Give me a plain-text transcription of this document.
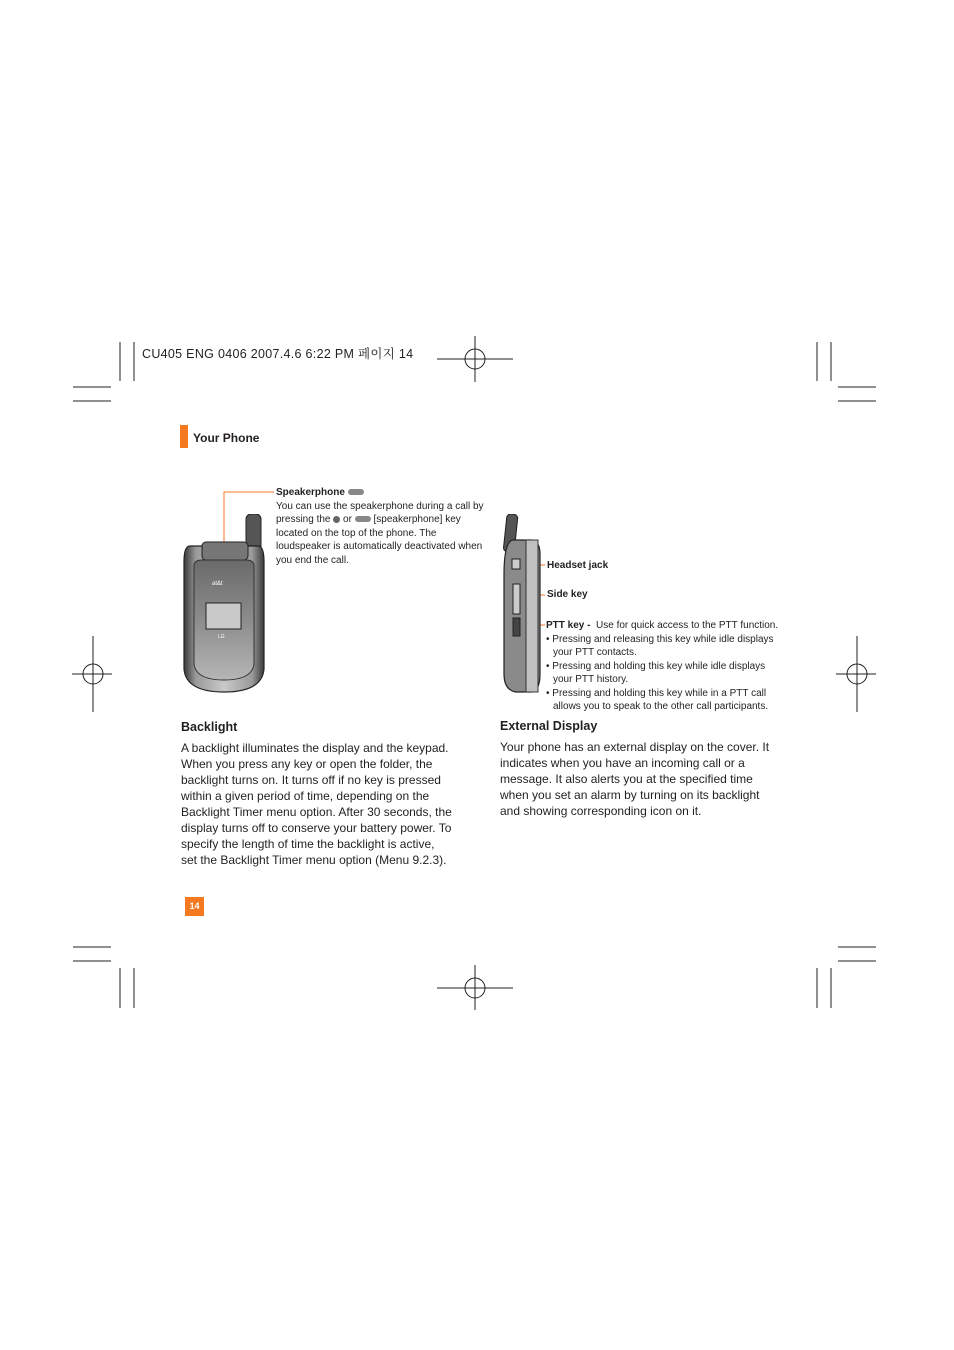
CU405 ENG 0406 2007.4.6 6:22 PM 페이지 14
Your Phone
at&t
LG
Speakerphone
You can use the speakerphone during a call by pressing the or [speakerphone] key located on the top of the phone. The loudspeaker is automatically deactivated when you end the call.	Headset jack
Side key
PTT key - Use for quick access to the PTT function.
• Pressing and releasing this key while idle displays your PTT contacts.
• Pressing and holding this key while idle displays your PTT history.
• Pressing and holding this key while in a PTT call allows you to speak to the other call participants.
Backlight

A backlight illuminates the display and the keypad. When you press any key or open the folder, the backlight turns on. It turns off if no key is pressed within a given period of time, depending on the Backlight Timer menu option. After 30 seconds, the display turns off to conserve your battery power. To specify the length of time the backlight is active, set the Backlight Timer menu option (Menu 9.2.3).

External Display

Your phone has an external display on the cover. It indicates when you have an incoming call or a message. It also alerts you at the specified time when you set an alarm by turning on its backlight and showing corresponding icon on it.

14
